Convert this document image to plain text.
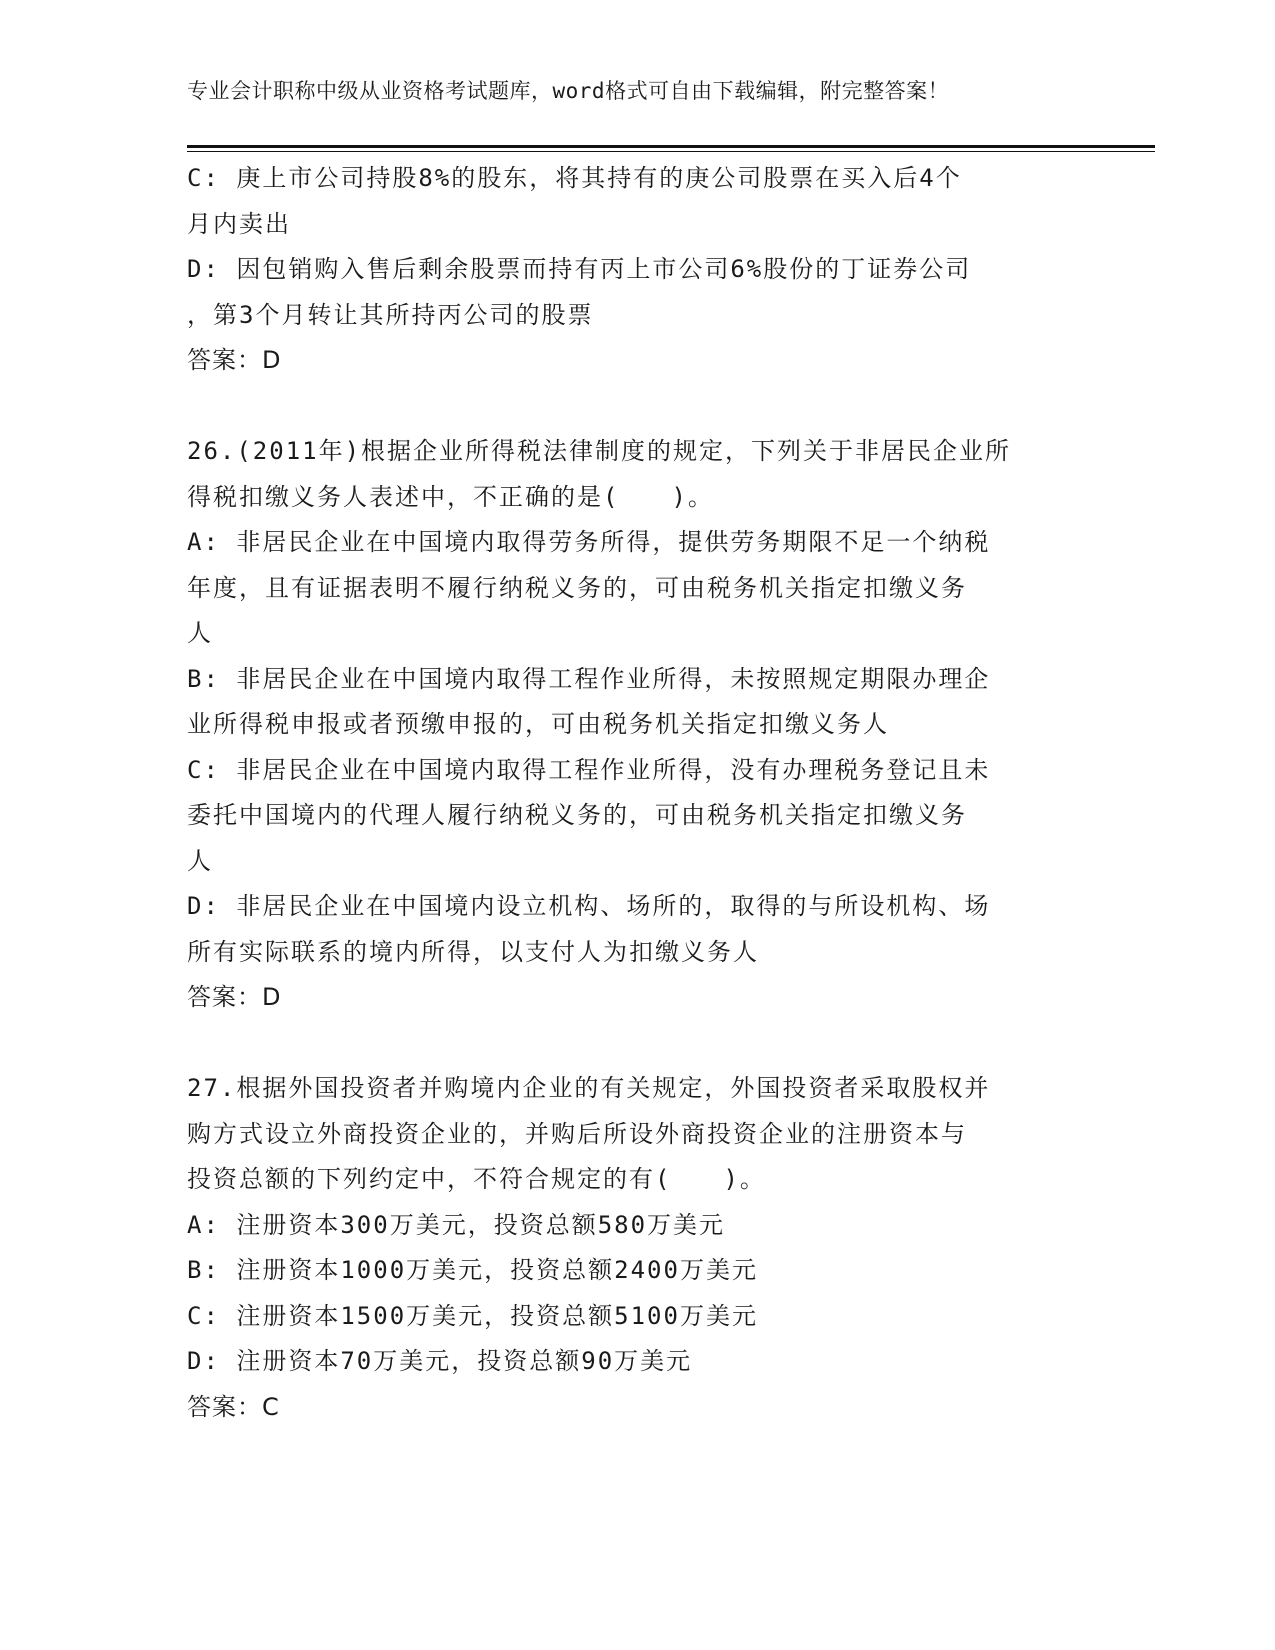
专业会计职称中级从业资格考试题库，word格式可自由下载编辑，附完整答案！
C: 庚上市公司持股8%的股东，将其持有的庚公司股票在买入后4个
月内卖出
D: 因包销购入售后剩余股票而持有丙上市公司6%股份的丁证券公司
，第3个月转让其所持丙公司的股票
答案：D
26.(2011年)根据企业所得税法律制度的规定，下列关于非居民企业所
得税扣缴义务人表述中，不正确的是(　　)。
A: 非居民企业在中国境内取得劳务所得，提供劳务期限不足一个纳税
年度，且有证据表明不履行纳税义务的，可由税务机关指定扣缴义务
人
B: 非居民企业在中国境内取得工程作业所得，未按照规定期限办理企
业所得税申报或者预缴申报的，可由税务机关指定扣缴义务人
C: 非居民企业在中国境内取得工程作业所得，没有办理税务登记且未
委托中国境内的代理人履行纳税义务的，可由税务机关指定扣缴义务
人
D: 非居民企业在中国境内设立机构、场所的，取得的与所设机构、场
所有实际联系的境内所得，以支付人为扣缴义务人
答案：D
27.根据外国投资者并购境内企业的有关规定，外国投资者采取股权并
购方式设立外商投资企业的，并购后所设外商投资企业的注册资本与
投资总额的下列约定中，不符合规定的有(　　)。
A: 注册资本300万美元，投资总额580万美元
B: 注册资本1000万美元，投资总额2400万美元
C: 注册资本1500万美元，投资总额5100万美元
D: 注册资本70万美元，投资总额90万美元
答案：C
